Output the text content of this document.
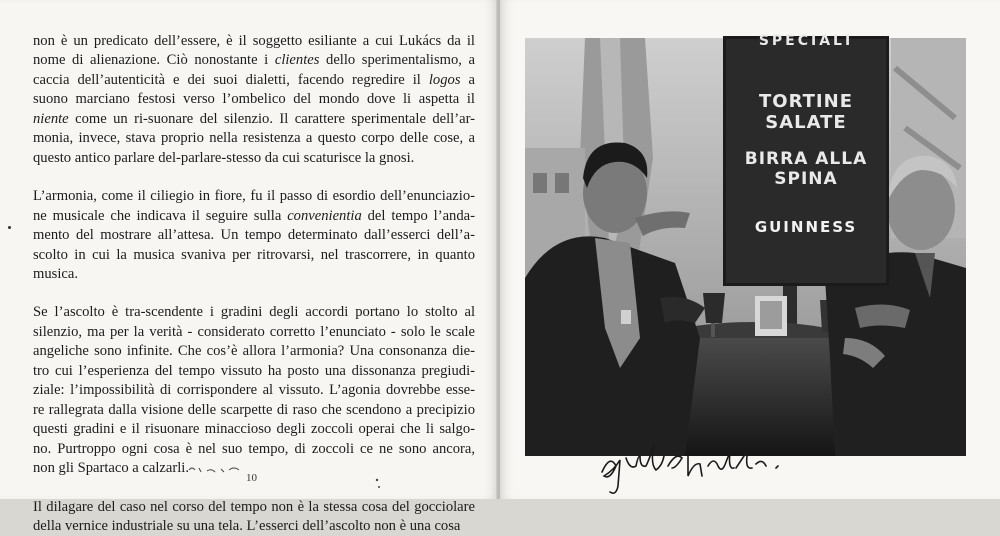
non è un predicato dell’essere, è il soggetto esiliante a cui Lukács da il
nome di alienazione. Ciò nonostante i clientes dello sperimentalismo, a
caccia dell’autenticità e dei suoi dialetti, facendo regredire il logos a
suono marciano festosi verso l’ombelico del mondo dove li aspetta il
niente come un ri-suonare del silenzio. Il carattere sperimentale dell’ar-
monia, invece, stava proprio nella resistenza a questo corpo delle cose, a
questo antico parlare del-parlare-stesso da cui scaturisce la gnosi.

L’armonia, come il ciliegio in fiore, fu il passo di esordio dell’enunciazio-
ne musicale che indicava il seguire sulla convenientia del tempo l’anda-
mento del mostrare all’attesa. Un tempo determinato dall’esserci dell’a-
scolto in cui la musica svaniva per ritrovarsi, nel trascorrere, in quanto
musica.

Se l’ascolto è tra-scendente i gradini degli accordi portano lo stolto al
silenzio, ma per la verità - considerato corretto l’enunciato - solo le scale
angeliche sono infinite. Che cos’è allora l’armonia? Una consonanza die-
tro cui l’esperienza del tempo vissuto ha posto una dissonanza pregiudi-
ziale: l’impossibilità di corrispondere al vissuto. L’agonia dovrebbe esse-
re rallegrata dalla visione delle scarpette di raso che scendono a precipizio
questi gradini e il risuonare minaccioso degli zoccoli operai che li salgo-
no. Purtroppo ogni cosa è nel suo tempo, di zoccoli ce ne sono ancora,
non gli Spartaco a calzarli.

Il dilagare del caso nel corso del tempo non è la stessa cosa del gocciolare
della vernice industriale su una tela. L’esserci dell’ascolto non è una cosa

10
SPECIALI
TORTINE SALATE
BIRRA ALLA SPINA
GUINNESS
